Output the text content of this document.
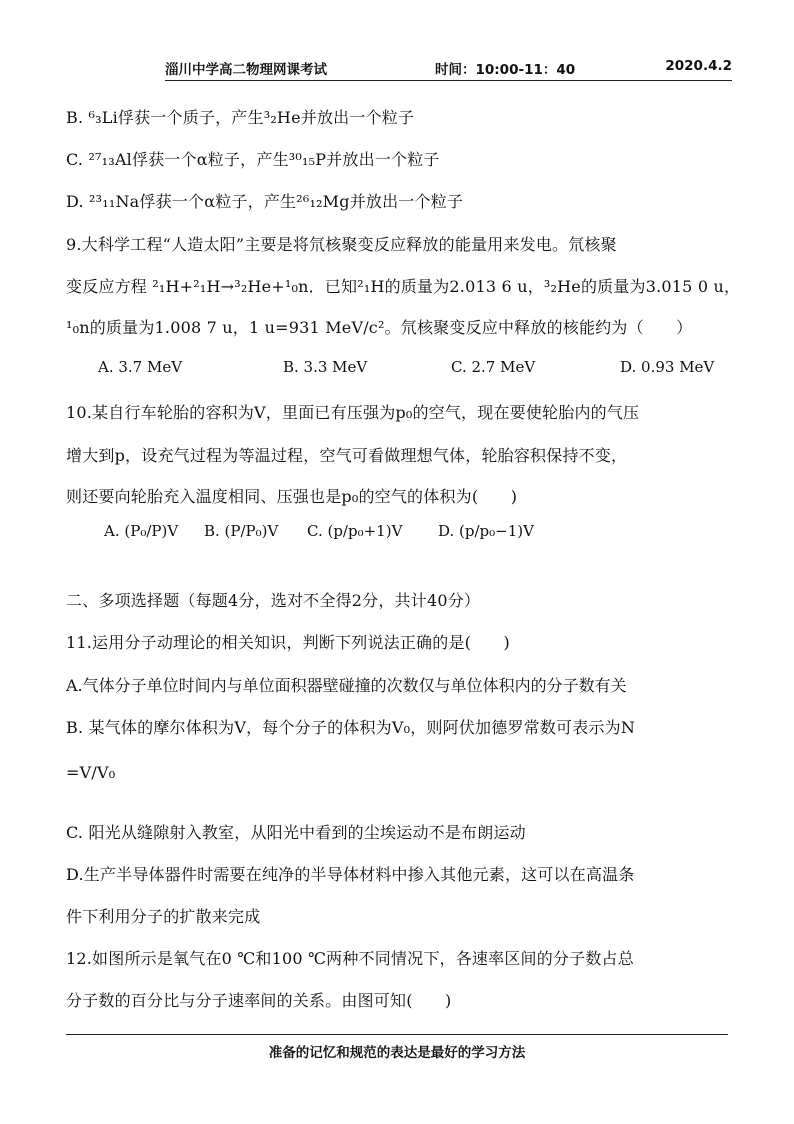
淄川中学高二物理网课考试	时间：10:00-11：40	2020.4.2
B. ⁶₃Li俘获一个质子，产生³₂He并放出一个粒子
C. ²⁷₁₃Al俘获一个α粒子，产生³⁰₁₅P并放出一个粒子
D. ²³₁₁Na俘获一个α粒子，产生²⁶₁₂Mg并放出一个粒子
9.大科学工程“人造太阳”主要是将氘核聚变反应释放的能量用来发电。氘核聚
变反应方程 ²₁H+²₁H→³₂He+¹₀n．已知²₁H的质量为2.013 6 u，³₂He的质量为3.015 0 u，
¹₀n的质量为1.008 7 u，1 u=931 MeV/c²。氘核聚变反应中释放的核能约为（　　）
A. 3.7 MeV	B. 3.3 MeV	C. 2.7 MeV	D. 0.93 MeV
10.某自行车轮胎的容积为V，里面已有压强为p₀的空气，现在要使轮胎内的气压
增大到p，设充气过程为等温过程，空气可看做理想气体，轮胎容积保持不变，
则还要向轮胎充入温度相同、压强也是p₀的空气的体积为(　　)
A. (P₀/P)V B. (P/P₀)V C. (p/p₀+1)V D. (p/p₀−1)V
二、多项选择题（每题4分，选对不全得2分，共计40分）
11.运用分子动理论的相关知识，判断下列说法正确的是(　　)
A.气体分子单位时间内与单位面积器壁碰撞的次数仅与单位体积内的分子数有关
B. 某气体的摩尔体积为V，每个分子的体积为V₀，则阿伏加德罗常数可表示为N
=V/V₀
C. 阳光从缝隙射入教室，从阳光中看到的尘埃运动不是布朗运动
D.生产半导体器件时需要在纯净的半导体材料中掺入其他元素，这可以在高温条
件下利用分子的扩散来完成
12.如图所示是氧气在0 ℃和100 ℃两种不同情况下，各速率区间的分子数占总
分子数的百分比与分子速率间的关系。由图可知(　　)
准备的记忆和规范的表达是最好的学习方法
